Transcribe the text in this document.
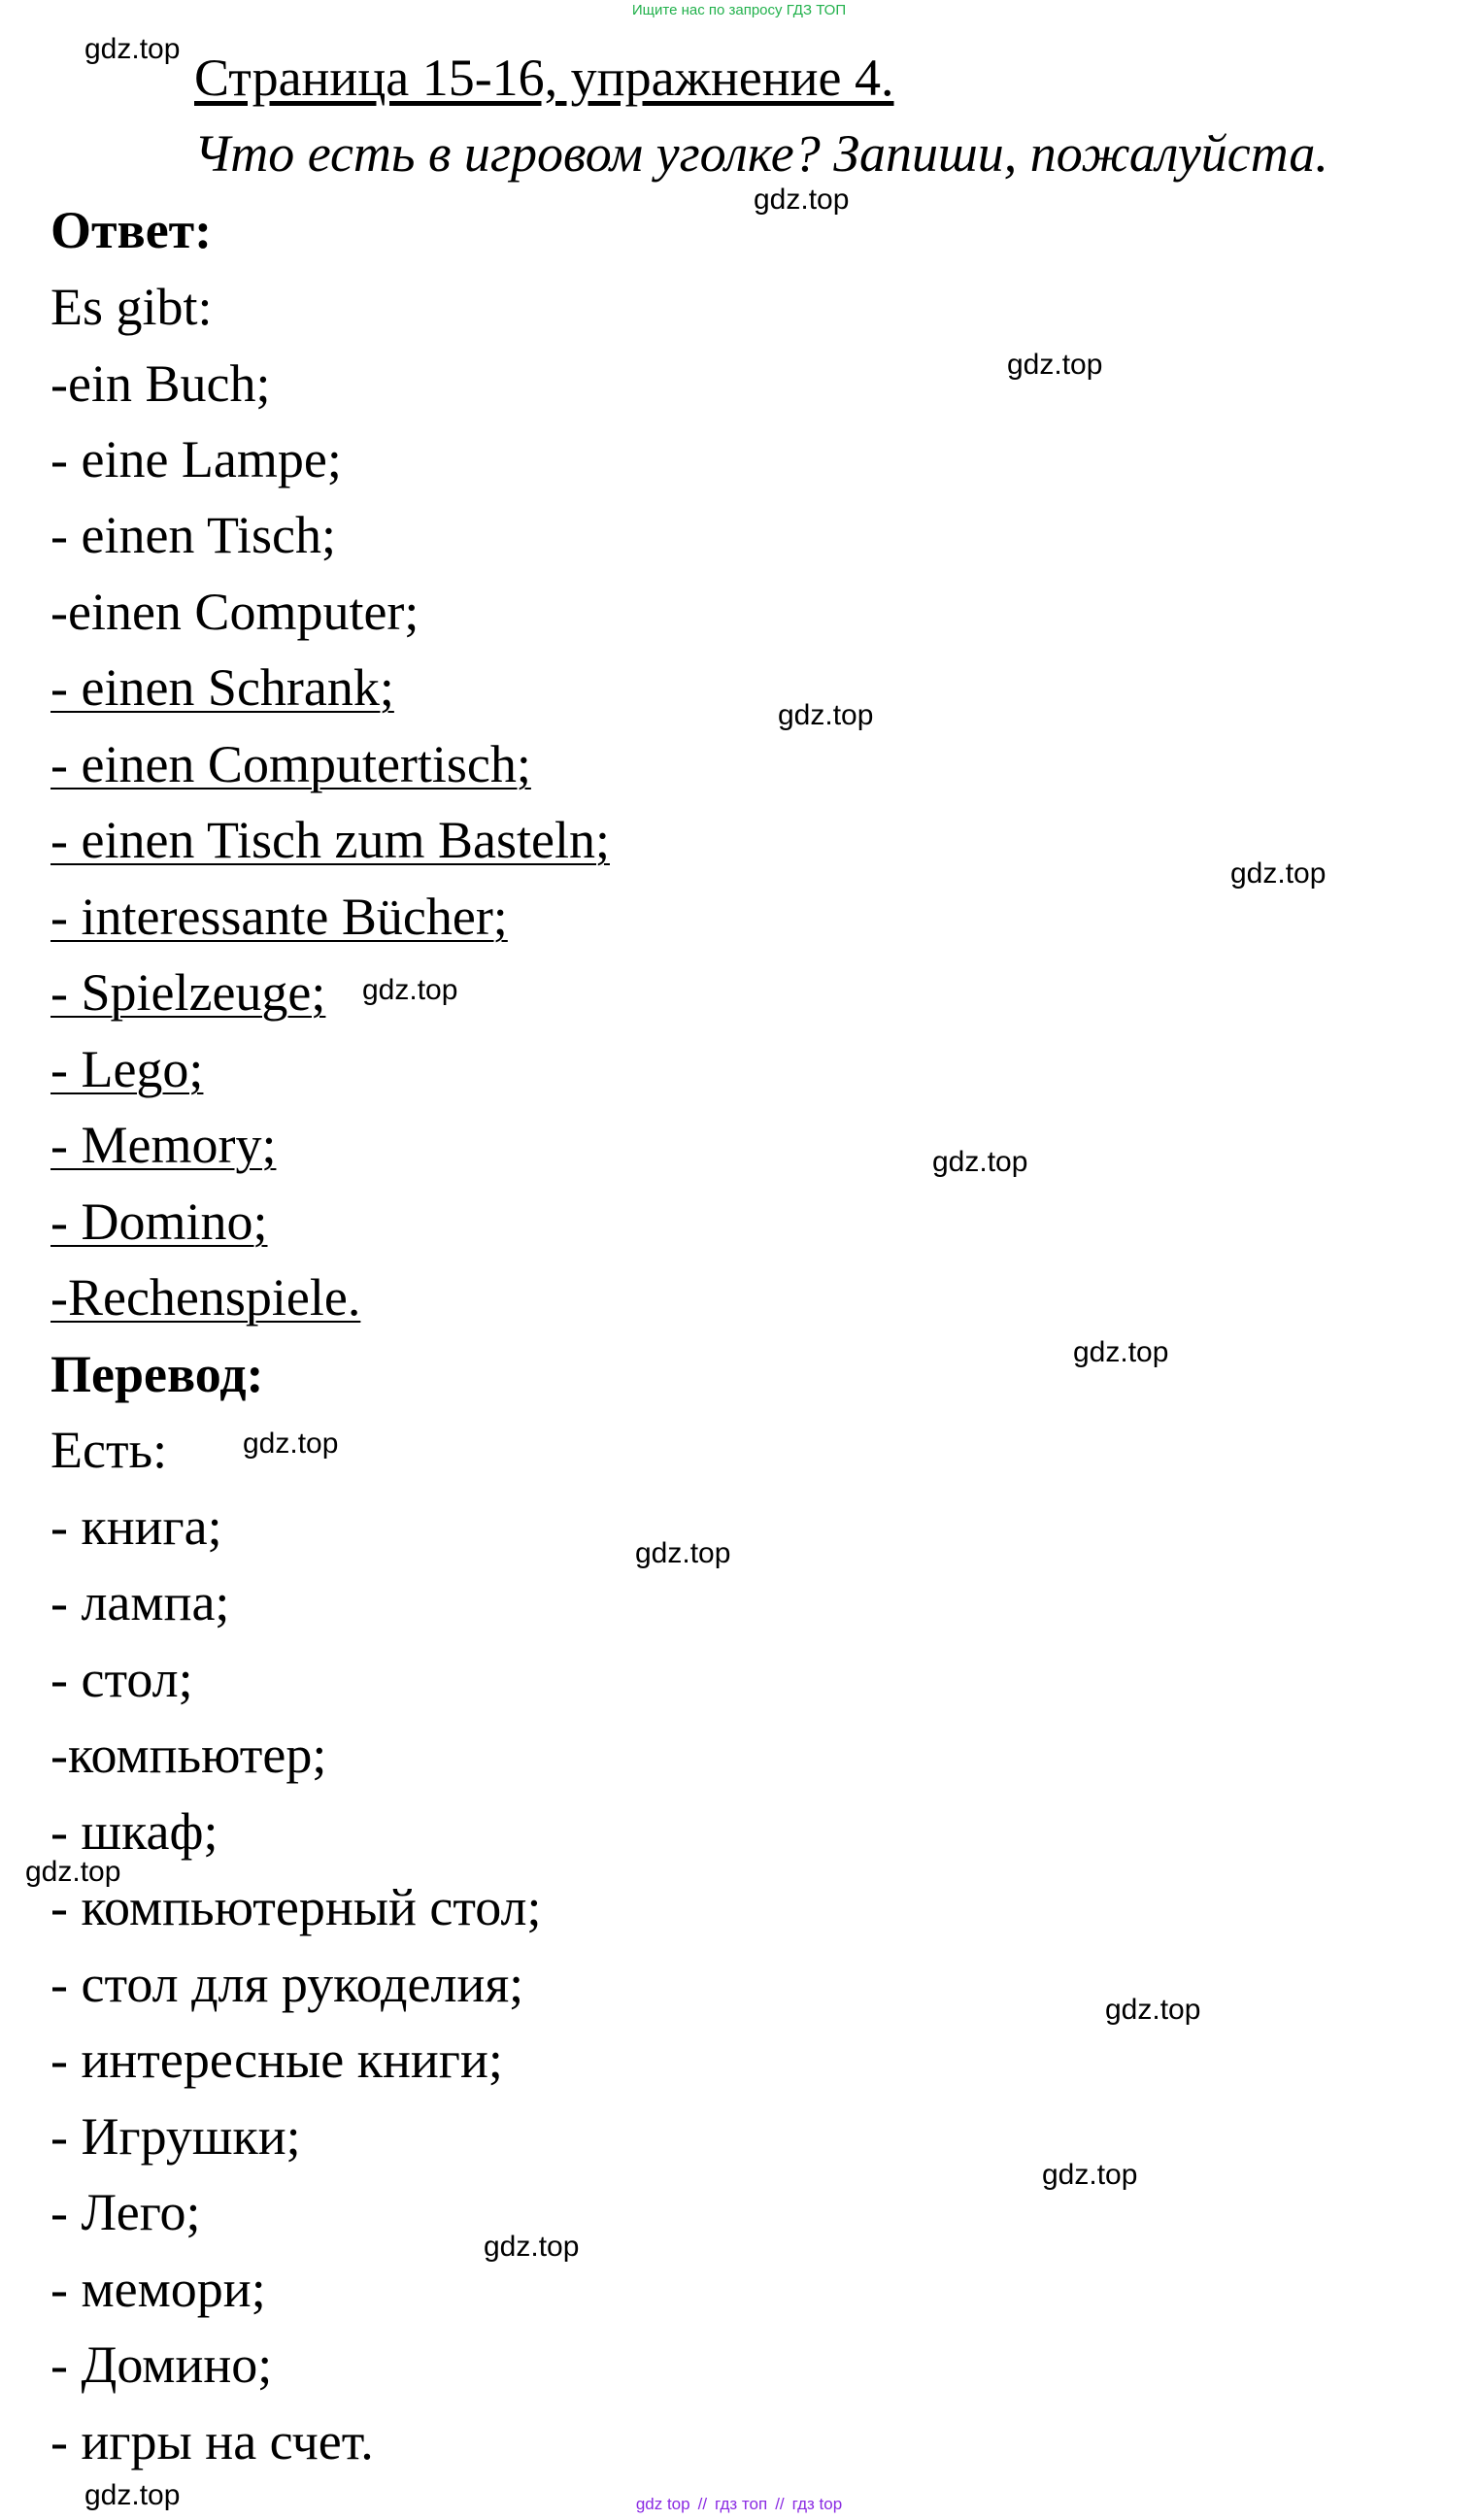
Ищите нас по запросу ГДЗ ТОП
Страница 15-16, упражнение 4.
Что есть в игровом уголке? Запиши, пожалуйста.
Ответ:
Es gibt:
-ein Buch;
- eine Lampe;
- einen Tisch;
-einen Computer;
- einen Schrank;
- einen Computertisch;
- einen Tisch zum Basteln;
- interessante Bücher;
- Spielzeuge;
- Lego;
- Memory;
- Domino;
-Rechenspiele.
Перевод:
Есть:
- книга;
- лампа;
- стол;
-компьютер;
- шкаф;
- компьютерный стол;
- стол для рукоделия;
- интересные книги;
- Игрушки;
- Лего;
- мемори;
- Домино;
- игры на счет.
gdz.top
gdz.top
gdz.top
gdz.top
gdz.top
gdz.top
gdz.top
gdz.top
gdz.top
gdz.top
gdz.top
gdz.top
gdz.top
gdz.top
gdz.top	gdz top // гдз топ // гдз top
